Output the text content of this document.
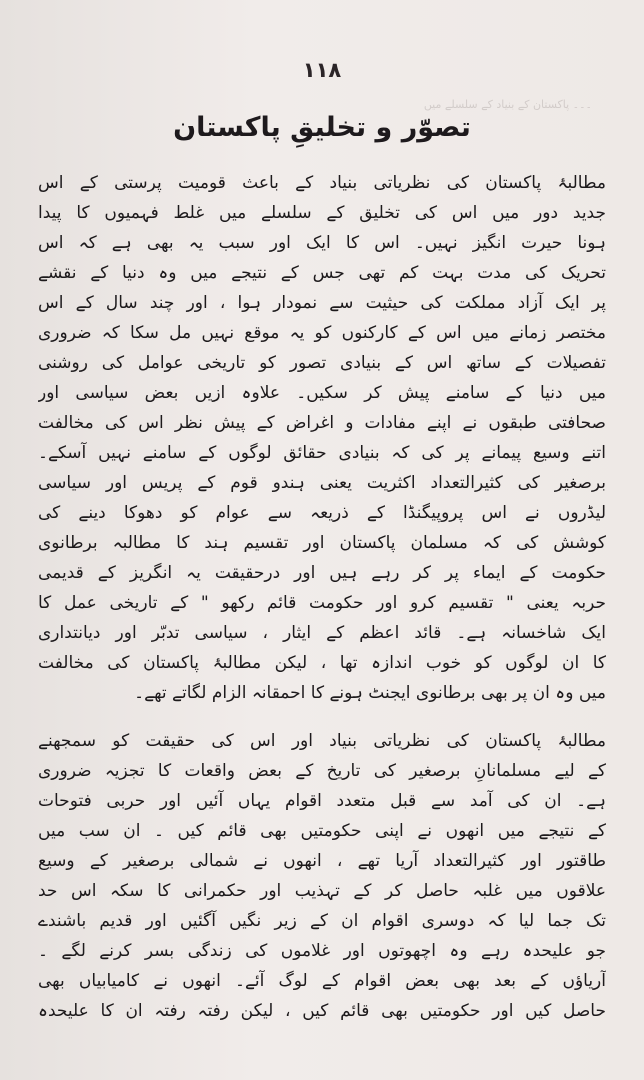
۱۱۸
۔۔۔ پاکستان کے بنیاد کے سلسلے میں
تصوّر و تخلیقِ پاکستان
مطالبۂ پاکستان کی نظریاتی بنیاد کے باعث قومیت پرستی کے اس
جدید دور میں اس کی تخلیق کے سلسلے میں غلط فہمیوں کا پیدا
ہونا حیرت انگیز نہیں۔ اس کا ایک اور سبب یہ بھی ہے کہ اس
تحریک کی مدت بہت کم تھی جس کے نتیجے میں وہ دنیا کے نقشے
پر ایک آزاد مملکت کی حیثیت سے نمودار ہوا ، اور چند سال کے اس
مختصر زمانے میں اس کے کارکنوں کو یہ موقع نہیں مل سکا کہ ضروری
تفصیلات کے ساتھ اس کے بنیادی تصور کو تاریخی عوامل کی روشنی
میں دنیا کے سامنے پیش کر سکیں۔ علاوہ ازیں بعض سیاسی اور
صحافتی طبقوں نے اپنے مفادات و اغراض کے پیش نظر اس کی مخالفت
اتنے وسیع پیمانے پر کی کہ بنیادی حقائق لوگوں کے سامنے نہیں آسکے۔
برصغیر کی کثیرالتعداد اکثریت یعنی ہندو قوم کے پریس اور سیاسی
لیڈروں نے اس پروپیگنڈا کے ذریعہ سے عوام کو دھوکا دینے کی
کوشش کی کہ مسلمان پاکستان اور تقسیم ہند کا مطالبہ برطانوی
حکومت کے ایماء پر کر رہے ہیں اور درحقیقت یہ انگریز کے قدیمی
حربہ یعنی " تقسیم کرو اور حکومت قائم رکھو " کے تاریخی عمل کا
ایک شاخسانہ ہے۔ قائد اعظم کے ایثار ، سیاسی تدبّر اور دیانتداری
کا ان لوگوں کو خوب اندازہ تھا ، لیکن مطالبۂ پاکستان کی مخالفت
میں وہ ان پر بھی برطانوی ایجنٹ ہونے کا احمقانہ الزام لگاتے تھے۔
مطالبۂ پاکستان کی نظریاتی بنیاد اور اس کی حقیقت کو سمجھنے
کے لیے مسلمانانِ برصغیر کی تاریخ کے بعض واقعات کا تجزیہ ضروری
ہے۔ ان کی آمد سے قبل متعدد اقوام یہاں آئیں اور حربی فتوحات
کے نتیجے میں انھوں نے اپنی حکومتیں بھی قائم کیں ۔ ان سب میں
طاقتور اور کثیرالتعداد آریا تھے ، انھوں نے شمالی برصغیر کے وسیع
علاقوں میں غلبہ حاصل کر کے تہذیب اور حکمرانی کا سکہ اس حد
تک جما لیا کہ دوسری اقوام ان کے زیر نگیں آگئیں اور قدیم باشندے
جو علیحدہ رہے وہ اچھوتوں اور غلاموں کی زندگی بسر کرنے لگے ۔
آریاؤں کے بعد بھی بعض اقوام کے لوگ آئے۔ انھوں نے کامیابیاں بھی
حاصل کیں اور حکومتیں بھی قائم کیں ، لیکن رفتہ رفتہ ان کا علیحدہ
